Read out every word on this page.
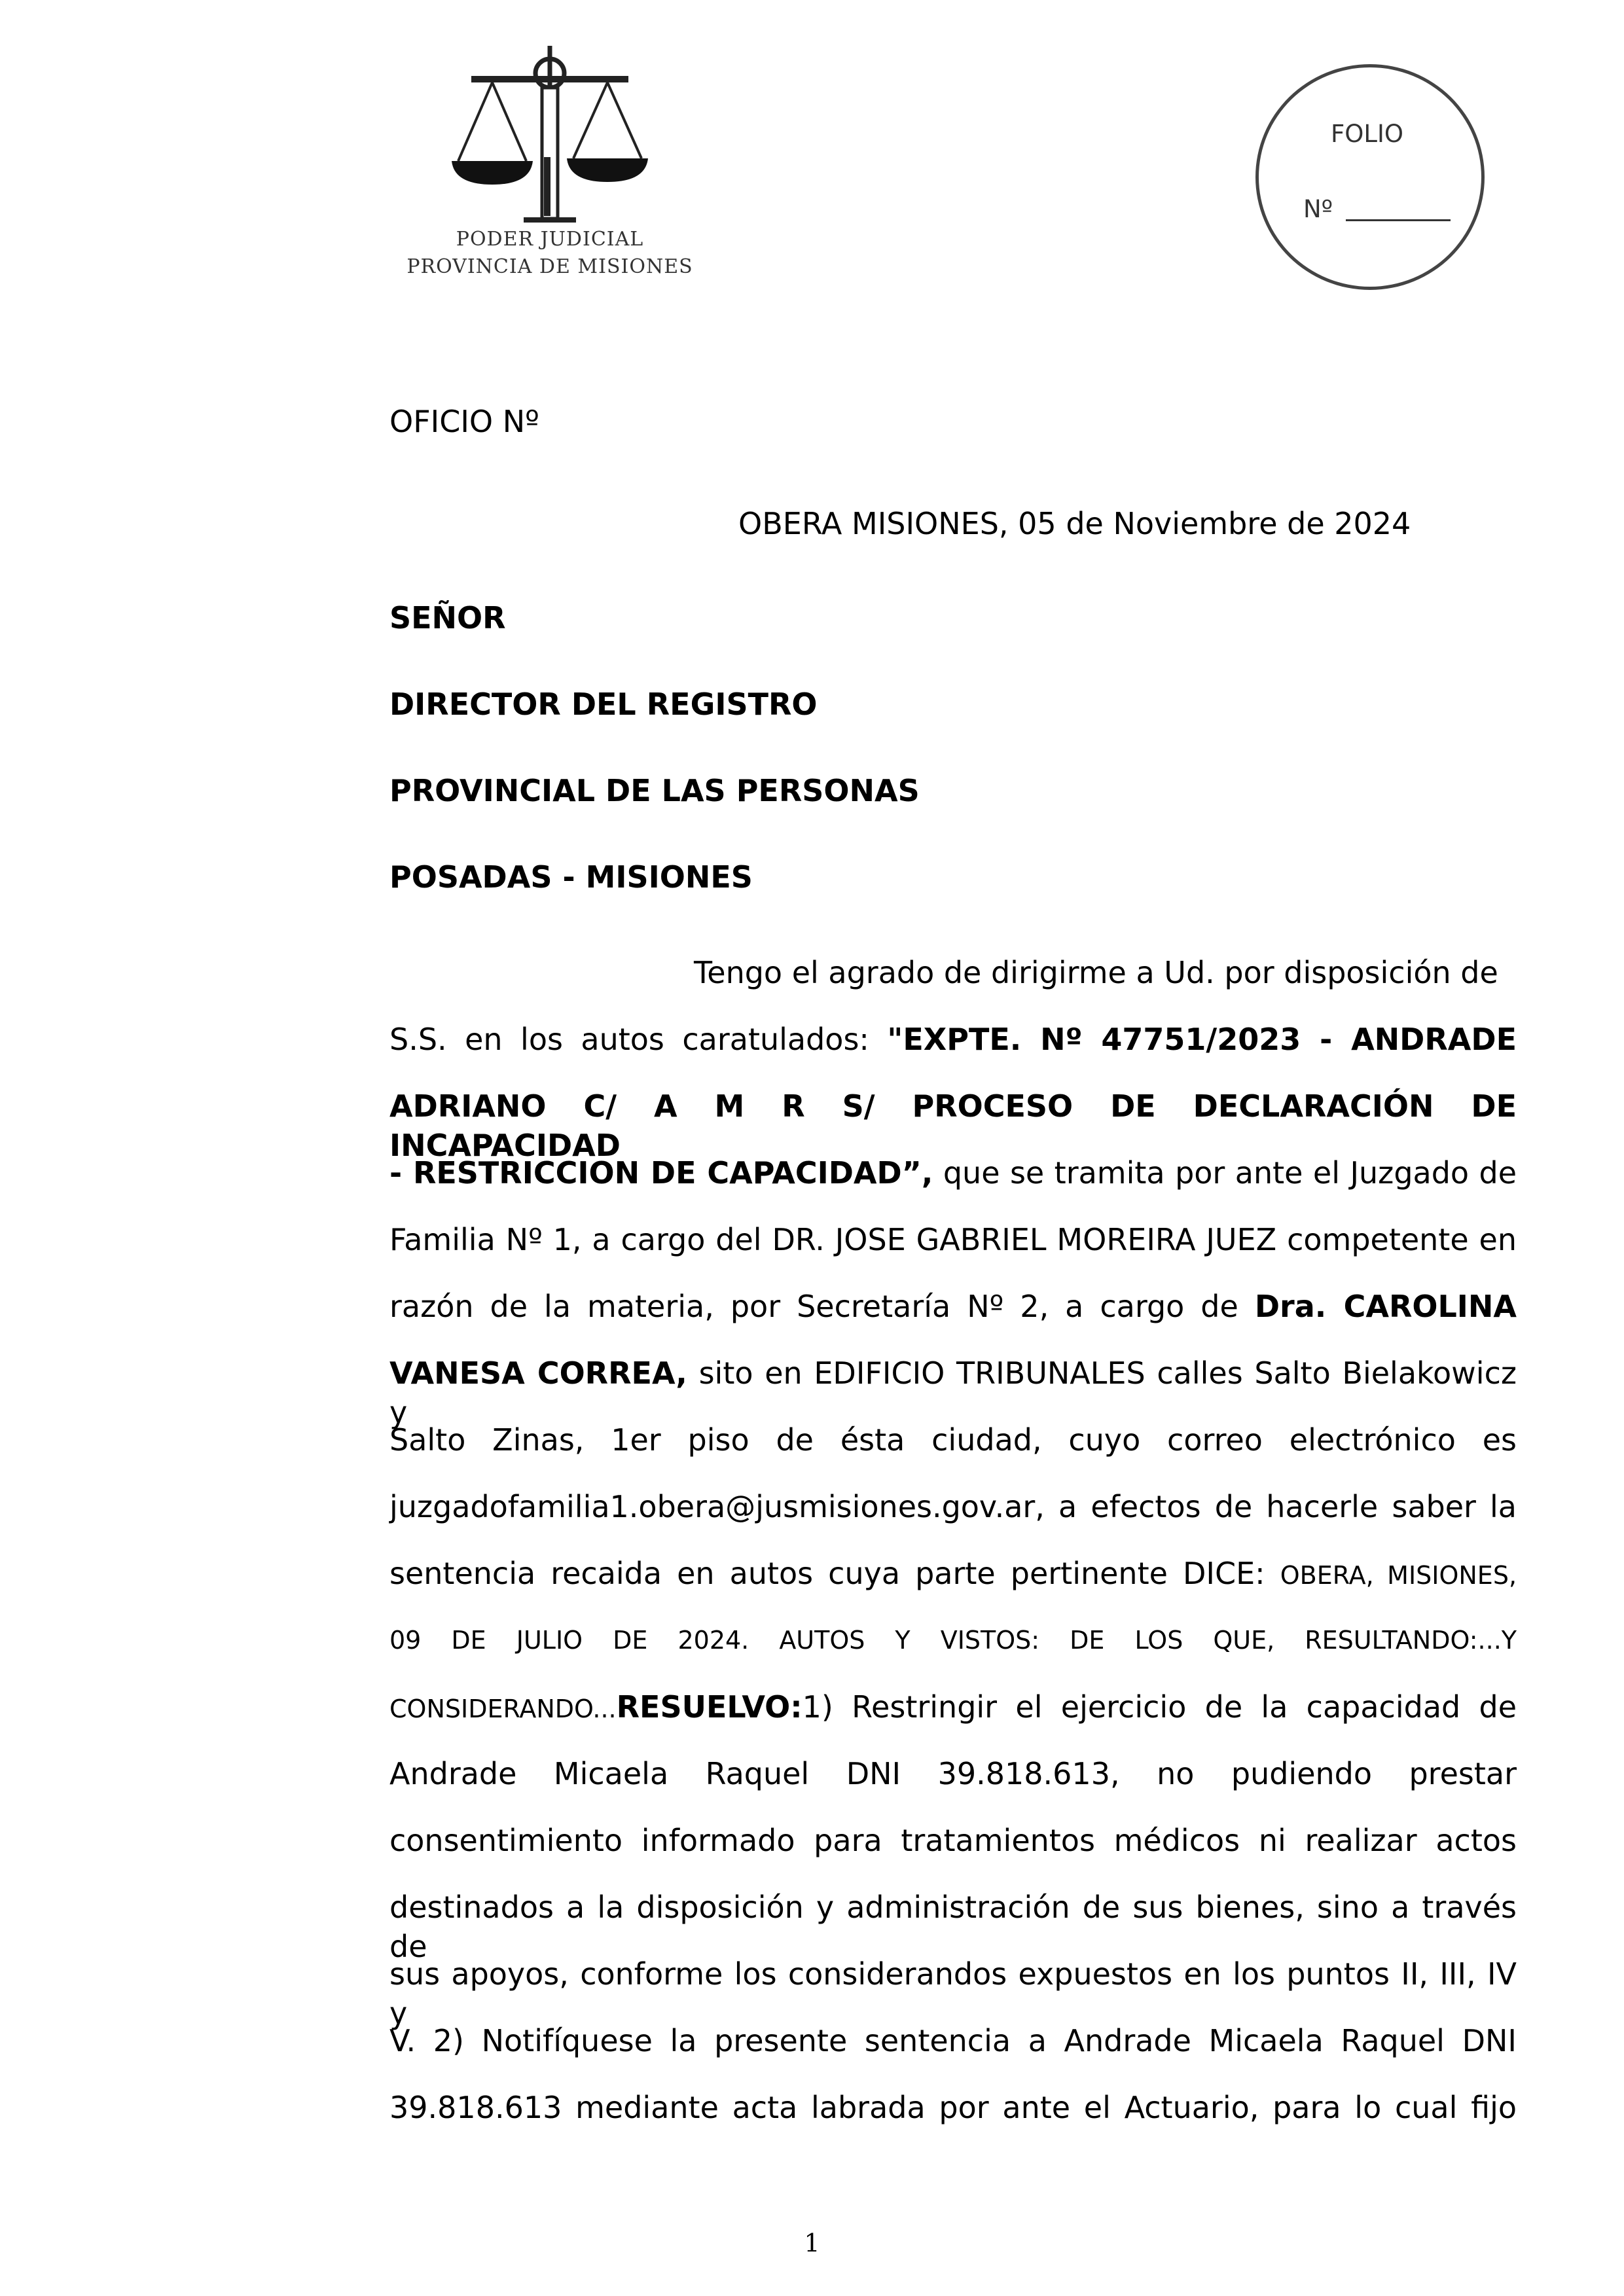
PODER JUDICIAL
PROVINCIA DE MISIONES
FOLIO
Nº
OFICIO Nº
OBERA MISIONES, 05 de Noviembre de 2024
SEÑOR
DIRECTOR DEL REGISTRO
PROVINCIAL DE LAS PERSONAS
POSADAS - MISIONES
Tengo el agrado de dirigirme a Ud. por disposición de
S.S. en los autos caratulados: "EXPTE. Nº 47751/2023 - ANDRADE
ADRIANO C/ A M R S/ PROCESO DE DECLARACIÓN DE INCAPACIDAD
- RESTRICCION DE CAPACIDAD”, que se tramita por ante el Juzgado de
Familia Nº 1, a cargo del DR. JOSE GABRIEL MOREIRA JUEZ competente en
razón de la materia, por Secretaría Nº 2, a cargo de Dra. CAROLINA
VANESA CORREA, sito en EDIFICIO TRIBUNALES calles Salto Bielakowicz y
Salto Zinas, 1er piso de ésta ciudad, cuyo correo electrónico es
juzgadofamilia1.obera@jusmisiones.gov.ar, a efectos de hacerle saber la
sentencia recaida en autos cuya parte pertinente DICE: OBERA, MISIONES,
09 DE JULIO DE 2024. AUTOS Y VISTOS: DE LOS QUE, RESULTANDO:...Y
CONSIDERANDO...RESUELVO:1) Restringir el ejercicio de la capacidad de
Andrade Micaela Raquel DNI 39.818.613, no pudiendo prestar
consentimiento informado para tratamientos médicos ni realizar actos
destinados a la disposición y administración de sus bienes, sino a través de
sus apoyos, conforme los considerandos expuestos en los puntos II, III, IV y
V. 2) Notifíquese la presente sentencia a Andrade Micaela Raquel DNI
39.818.613 mediante acta labrada por ante el Actuario, para lo cual fijo
1
